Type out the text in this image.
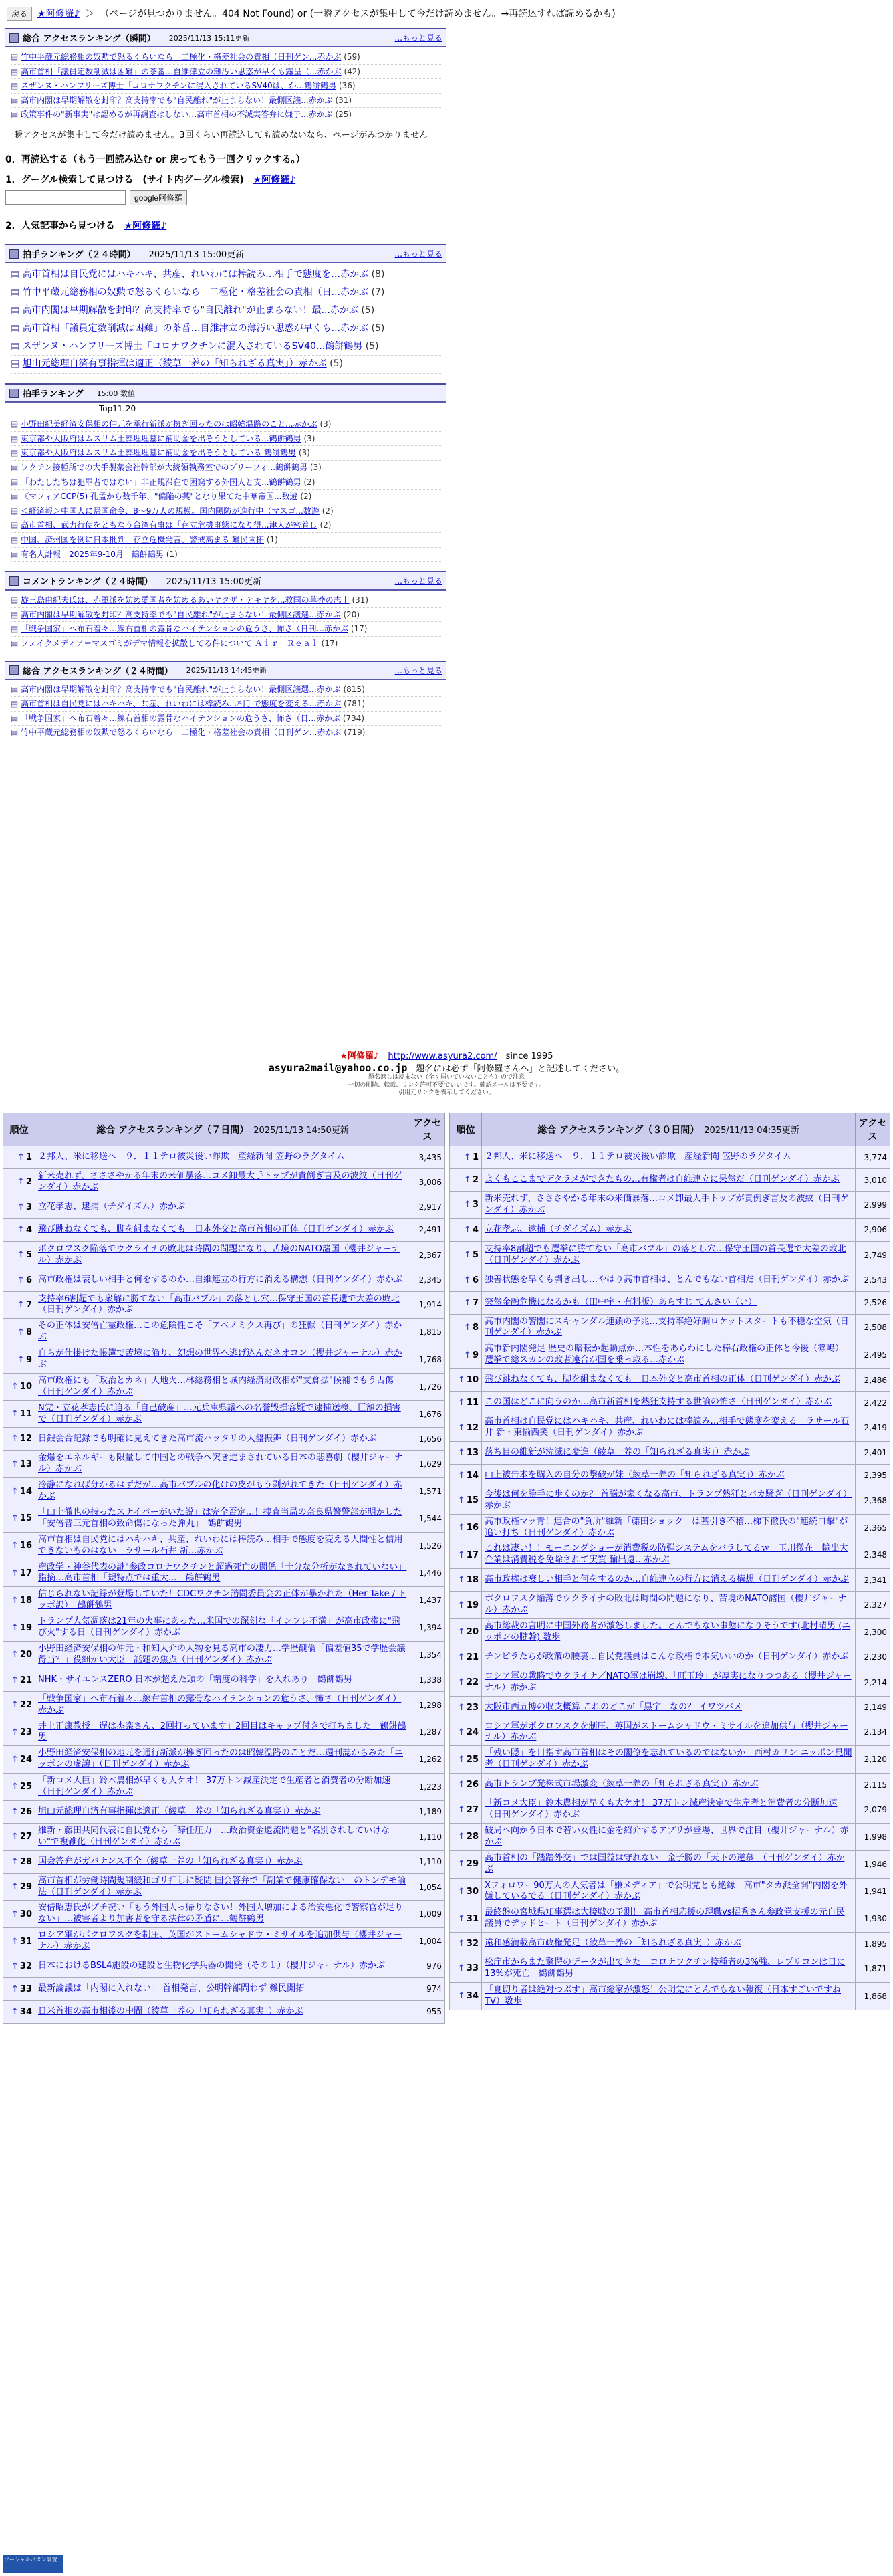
戻る	★阿修羅♪ ＞ （ページが見つかりません。404 Not Found) or (一瞬アクセスが集中して今だけ読めません。→再読込すれば読めるかも)
総合 アクセスランキング（瞬間） 2025/11/13 15:11更新	...もっと見る
▤ 竹中平蔵元総務相の奴勲で怒るくらいなら　二極化・格差社会の責相（日刊ゲン...赤かぶ (59)
▤ 高市首相「議員定数削減は困難」の茶番…自維津立の薄汚い思惑が早くも露呈（...赤かぶ (42)
▤ スザンヌ・ハンフリーズ博士「コロナワクチンに混入されているSV40は、か...鶴餅鶴男 (36)
▤ 高市内閣は早期解散を封印？高支持率でも"自民離れ"が止まらない！最側区議...赤かぶ (31)
▤ 政策事件の"新事実"は認めるが再調査はしない…高市首相の不誠実答弁に嫌子...赤かぶ (25)

一瞬アクセスが集中して今だけ読めません。3回くらい再読込しても読めないなら、ページがみつかりません

0．再読込する（もう一回読み込む or 戻ってもう一回クリックする。）

1．グーグル検索して見つける　(サイト内グーグル検索)　 ★阿修羅♪

google阿修羅

2．人気記事から見つける　 ★阿修羅♪

拍手ランキング（２４時間） 2025/11/13 15:00更新	...もっと見る
▤ 高市首相は自民党にはハキハキ、共産、れいわには棒読み…相手で態度を…赤かぶ (8)
▤ 竹中平蔵元総務相の奴勲で怒るくらいなら　二極化・格差社会の責相（日...赤かぶ (7)
▤ 高市内閣は早期解散を封印？高支持率でも"自民離れ"が止まらない！最...赤かぶ (5)
▤ 高市首相「議員定数削減は困難」の茶番…自維津立の薄汚い思惑が早くも...赤かぶ (5)
▤ スザンヌ・ハンフリーズ博士「コロナワクチンに混入されているSV40...鶴餅鶴男 (5)
▤ 旭山元総理自済有事指揮は適正（綾草一养の「知られざる真実」）赤かぶ (5)
拍手ランキング 15:00 数値
Top11-20
▤ 小野田紀美経済安保相の仲元を承行新派が擁ぎ回ったのは昭韓温路のこと...赤かぶ (3)
▤ 東京都や大阪府はムスリム土葬埋埋墓に補助金を出そうとしている...鶴餅鶴男 (3)
▤ 東京都や大阪府はムスリム土葬埋埋墓に補助金を出そうとしている 鶴餅鶴男 (3)
▤ ワクチン接種所での大手製薬会社幹部が大統領執務室でのブリーフィ...鶴餅鶴男 (3)
▤ 「わたしたちは犯罪者ではない」非正規滞在で困窮する外国人と支...鶴餅鶴男 (2)
▤ 《マフィアCCP(5) 孔孟から数千年、"偏陥の薬"となり果てた中華帝国...数遊 (2)
▤ ＜経済報＞中国人に帰国命令、8〜9万人の規模。国内陽防が進行中（マスゴ...数遊 (2)
▤ 高市首相、武力行使をともなう台湾有事は「存立危機事態になり得...津人が密着し (2)
▤ 中国、済州国を例に日本批判　存立危機発言、警戒高まる 難民開拓 (1)
▤ 有名人計報　2025年9-10月　鶴餅鶴男 (1)
コメントランキング（２４時間） 2025/11/13 15:00更新	...もっと見る
▤ 旋三島由紀夫氏は、赤軍派を妨め愛国者を妨めるあいヤクザ・テキヤを...救国の草莽の志士 (31)
▤ 高市内閣は早期解散を封印？高支持率でも"自民離れ"が止まらない！最側区議選...赤かぶ (20)
▤ 「戦争国家」へ布石着々…線右首相の露骨なハイテンションの危うさ、怖さ（日刊...赤かぶ (17)
▤ フェイクメディア＝マスゴミがデマ情報を拡散してる件について Ａｉｒ－Ｒｅａｌ (17)
総合 アクセスランキング（２４時間） 2025/11/13 14:45更新	...もっと見る
▤ 高市内閣は早期解散を封印？高支持率でも"自民離れ"が止まらない！最側区議選...赤かぶ (815)
▤ 高市首相は自民党にはハキハキ、共産、れいわには棒読み…相手で態度を変える...赤かぶ (781)
▤ 「戦争国家」へ布石着々…線右首相の露骨なハイテンションの危うさ、怖さ（日...赤かぶ (734)
▤ 竹中平蔵元総務相の奴勲で怒るくらいなら　二極化・格差社会の責相（日刊ゲン...赤かぶ (719)
★阿修羅♪　 http://www.asyura2.com/　 since 1995
asyura2mail@yahoo.co.jp　 題名には必ず「阿修羅さんへ」と記述してください。
題名無しは読まない（全く届いていないことも）ので注意
一切の削除、転載、リンク許可不要でいいです。確認メールは不要です。
引用元リンクを表示してください。
順位	総合 アクセスランキング（７日間）　 2025/11/13 14:50更新	アクセス
↑ 1	２邦人、米に移送へ　９．１１テロ被災後い詐欺　産経新聞 笠野のラグタイム	3,435
↑ 2	新米売れず、さささやかる年末の米価暴落…コメ卸最大手トップが責例ぎ言及の波紋（日刊ゲンダイ）赤かぶ	3,006
↑ 3	立花孝志、逮捕（チダイズム）赤かぶ	2,917
↑ 4	飛び跳ねなくても、脚を組まなくても　日本外交と高市首相の正体（日刊ゲンダイ）赤かぶ	2,491
↑ 5	ポクロフスク陥落でウクライナの敗北は時間の問題になり、苦境のNATO諸国（櫻井ジャーナル）赤かぶ	2,367
↑ 6	高市政権は衰しい相手と何をするのか…自維連立の行方に消える構想（日刊ゲンダイ）赤かぶ	2,345
↑ 7	支持率6割超でも衆解に勝てない「高市バブル」の落とし穴…保守王国の首長選で大差の敗北（日刊ゲンダイ）赤かぶ	1,914
↑ 8	その正体は安倍亡霊政権…この危険性こそ「アベノミクス再び」の狂獣（日刊ゲンダイ）赤かぶ	1,815
↑ 9	自らが仕掛けた帳簿で苦境に陥り、幻想の世界へ逃げ込んだネオコン（櫻井ジャーナル）赤かぶ	1,768
↑ 10	高市政権にも「政治とカネ」大地火…林総務相と城内経済財政相が"支倉拡"候補でもう古傷（日刊ゲンダイ）赤かぶ	1,726
↑ 11	N党・立花孝志氏に迫る「自己破産」…元兵庫県議への名誉毀損容疑で逮捕送検、巨額の損害で（日刊ゲンダイ）赤かぶ	1,676
↑ 12	日銀会合記録でも明確に見えてきた高市流ハッタリの大盤振舞（日刊ゲンダイ）赤かぶ	1,656
↑ 13	金爆をエネルギーも限量して中国との戦争へ突き進まされている日本の悲喜劇（櫻井ジャーナル）赤かぶ	1,629
↑ 14	冷静になれば分かるはずだが…高市バブルの化けの皮がもう剥がれてきた（日刊ゲンダイ）赤かぶ	1,571
↑ 15	「山上徹也の持ったスナイパーがいた説」は完全否定…！捜査当局の奈良県警警部が明かした「安倍晋三元首相の致命傷になった弾丸」　鶴餅鶴男	1,544
↑ 16	高市首相は自民党にはハキハキ、共産、れいわには棒読み…相手で態度を変える人間性と信用できないものはない　ラサール石井 新...赤かぶ	1,526
↑ 17	産政学・神谷代表の謎"参政コロナワクチンと超過死亡の関係「十分な分析がなされていない」指摘…高市首相「規特点では重大...　鶴餅鶴男	1,446
↑ 18	信じられない記録が登場していた！CDCワクチン諮問委員会の正体が暴かれた（Her Take / トッポ訳）　鶴餅鶴男	1,437
↑ 19	トランプ人気凋落は21年の火事にあった…米国での深刻な「インフレ不満」が高市政権に"飛び火"する日（日刊ゲンダイ）赤かぶ	1,394
↑ 20	小野田経済安保相の仲元・和知大介の大物を見る高市の凄力…学歴醜倫「偏差値35で学歴会議得当？」役細かい大臣　話題の焦点（日刊ゲンダイ）赤かぶ	1,354
↑ 21	NHK・サイエンスZERO 日本が超えた頭の「精度の科学」を入れあり　鶴餅鶴男	1,338
↑ 22	「戦争国家」へ布石着々…線右首相の露骨なハイテンションの危うさ、怖さ（日刊ゲンダイ）赤かぶ	1,298
↑ 23	井上正康教授「遅は杰楽さん、2回打っています」2回目はキャップ付きで打ちました　鶴餅鶴男	1,287
↑ 24	小野田経済安保相の地元を通行新派が擁ぎ回ったのは昭韓温路のことだ…週刊誌からみた「ニッポンの虚譲」（日刊ゲンダイ）赤かぶ	1,262
↑ 25	「新コメ大臣」鈴木農相が早くも大ケオ！ 37万トン減産決定で生産者と消費者の分断加速（日刊ゲンダイ）赤かぶ	1,223
↑ 26	旭山元総理自済有事指揮は適正（綾草一养の「知られざる真実」）赤かぶ	1,189
↑ 27	維新・藤田共同代表に自民党から「辞任圧力」…政治資金還流問題と"名別されしていけない"で複雑化（日刊ゲンダイ）赤かぶ	1,110
↑ 28	国会答弁がガバナンス不全（綾草一养の「知られざる真実」）赤かぶ	1,110
↑ 29	高市首相が労働時間規制緩和ゴリ押しに疑問 国会答弁で「副業で健康確保ない」のトンデモ論法（日刊ゲンダイ）赤かぶ	1,054
↑ 30	安倍昭恵氏がプチ祝い「もう外国人っ帰りなさい！外国人増加による治安悪化で警察官が足りない」…被害者より加害者を守る法律の矛盾に…鶴餅鶴男	1,009
↑ 31	ロシア軍がポクロフスクを制圧、英国がストームシャドウ・ミサイルを追加供与（櫻井ジャーナル）赤かぶ	1,004
↑ 32	日本におけるBSL4施設の建設と生物化学兵器の開発（その１）（櫻井ジャーナル）赤かぶ	976
↑ 33	最新論議は「内閣に入れない」 首相発言、公明幹部問わず 難民開拓	974
↑ 34	日米首相の高市相後の中間（綾草一养の「知られざる真実」）赤かぶ	955
順位	総合 アクセスランキング（３０日間）　 2025/11/13 04:35更新	アクセス
↑ 1	２邦人、米に移送へ　９．１１テロ被災後い詐欺　産経新聞 笠野のラグタイム	3,774
↑ 2	よくもここまでデタラメができたもの…有権者は自維連立に呆然だ（日刊ゲンダイ）赤かぶ	3,010
↑ 3	新米売れず、さささやかる年末の米価暴落…コメ卸最大手トップが責例ぎ言及の波紋（日刊ゲンダイ）赤かぶ	2,999
↑ 4	立花孝志、逮捕（チダイズム）赤かぶ	2,906
↑ 5	支持率8割超でも選挙に勝てない「高市バブル」の落とし穴…保守王国の首長選で大差の敗北（日刊ゲンダイ）赤かぶ	2,749
↑ 6	独善状態を早くも剥き出し…やはり高市首相は、とんでもない首相だ（日刊ゲンダイ）赤かぶ	2,543
↑ 7	突然金融危機になるかも（田中宇・有料版）あらすじ てんさい（い）	2,526
↑ 8	高市内閣の警閣にスキャンダル連鎖の予兆…支持率絶好調ロケットスタートも不穏な空気（日刊ゲンダイ）赤かぶ	2,508
↑ 9	高市新内閣発足 歴史の暗転か起動点か…本性をあらわにした棒右政権の正体と今後（篠嶋）選挙で総スカンの敗者連合が国を乗っ取る…赤かぶ	2,495
↑ 10	飛び跳ねなくても、脚を組まなくても　日本外交と高市首相の正体（日刊ゲンダイ）赤かぶ	2,486
↑ 11	この国はどこに向うのか…高市新首相を熱狂支持する世論の怖さ（日刊ゲンダイ）赤かぶ	2,422
↑ 12	高市首相は自民党にはハキハキ、共産、れいわには棒読み…相手で態度を変える　ラサール石井 新・東愉西笑（日刊ゲンダイ）赤かぶ	2,419
↑ 13	落ち目の維新が涜滅に変進（綾草一养の「知られざる真実」）赤かぶ	2,401
↑ 14	山上被告本を購入の自分の撃破が妹（綾草一养の「知られざる真実」）赤かぶ	2,395
↑ 15	今後は何を勝手に歩くのか？ 首脳が家くなる高市、トランプ熱狂とパカ騒ぎ（日刊ゲンダイ）赤かぶ	2,368
↑ 16	高市政権マッ青！連合の"負所"維新「藤田ショック」は墓引き不稽…梯下徹氏の"連続口撃"が追い打ち（日刊ゲンダイ）赤かぶ	2,365
↑ 17	これは凄い！！モーニングショーが消費税の防弾システムをバラしてるｗ　玉川徹在「輸出大企業は消費税を免除されて実質 輸出還...赤かぶ	2,348
↑ 18	高市政権は衰しい相手と何をするのか…自維連立の行方に消える構想（日刊ゲンダイ）赤かぶ	2,341
↑ 19	ポクロフスク陥落でウクライナの敗北は時間の問題になり、苦境のNATO諸国（櫻井ジャーナル）赤かぶ	2,327
↑ 20	高市総裁の言明に中国外務者が激怒しました。とんでもない事態になりそうです(北村晴男 (ニッポンの腱幹) 数歩	2,300
↑ 21	チンピラたちが政策の腰裏…自民党議員はこんな政権で本気いいのか（日刊ゲンダイ）赤かぶ	2,230
↑ 22	ロシア軍の戦略でウクライナ／NATO軍は崩壊、「旺玉玲」が厚実になりつつある（櫻井ジャーナル）赤かぶ	2,214
↑ 23	大阪市西五博の収支概算 これのどこが「黒字」なの？ イワツバメ	2,149
↑ 24	ロシア軍がポクロフスクを制圧、英国がストームシャドウ・ミサイルを追加供与（櫻井ジャーナル）赤かぶ	2,134
↑ 25	「残い隠」を目指す高市首相はその閣僚を忘れているのではないか　西村カリン ニッポン見聞考（日刊ゲンダイ）赤かぶ	2,120
↑ 26	高市トランプ発株式市場激変（綾草一养の「知られざる真実」）赤かぶ	2,115
↑ 27	「新コメ大臣」鈴木農相が早くも大ケオ！ 37万トン減産決定で生産者と消費者の分断加速（日刊ゲンダイ）赤かぶ	2,079
↑ 28	破局へ向かう日本で若い女性に金を紹介するアプリが登場、世界で注目（櫻井ジャーナル）赤かぶ	1,998
↑ 29	高市首相の「踏踏外交」では国益は守れない　金子勝の「天下の逆慕」（日刊ゲンダイ）赤かぶ	1,946
↑ 30	Xフォロワー90万人の人気者は「嫌メディア」で公明党とも絶縁　高市"タカ派全開"内閣を外嫌しているでる（日刊ゲンダイ）赤かぶ	1,941
↑ 31	最終盤の宮城県知事選は大接戦の予測！ 高市首相応援の現職vs招秀さん参政党支援の元自民議員でデッドヒート（日刊ゲンダイ）赤かぶ	1,930
↑ 32	遠和感満載高市政権発足（綾草一养の「知られざる真実」）赤かぶ	1,895
↑ 33	松庁市からまた驚愕のデータが出てきた　コロナワクチン接種者の3%強、レプリコンは日に13%が死亡　鶴餅鶴男	1,871
↑ 34	「夏切り者は絶対つぶす」高市総家が激怒！公明党にとんでもない報復（日本すごいですねTV）数歩	1,868
ソーシャルボタン設置
